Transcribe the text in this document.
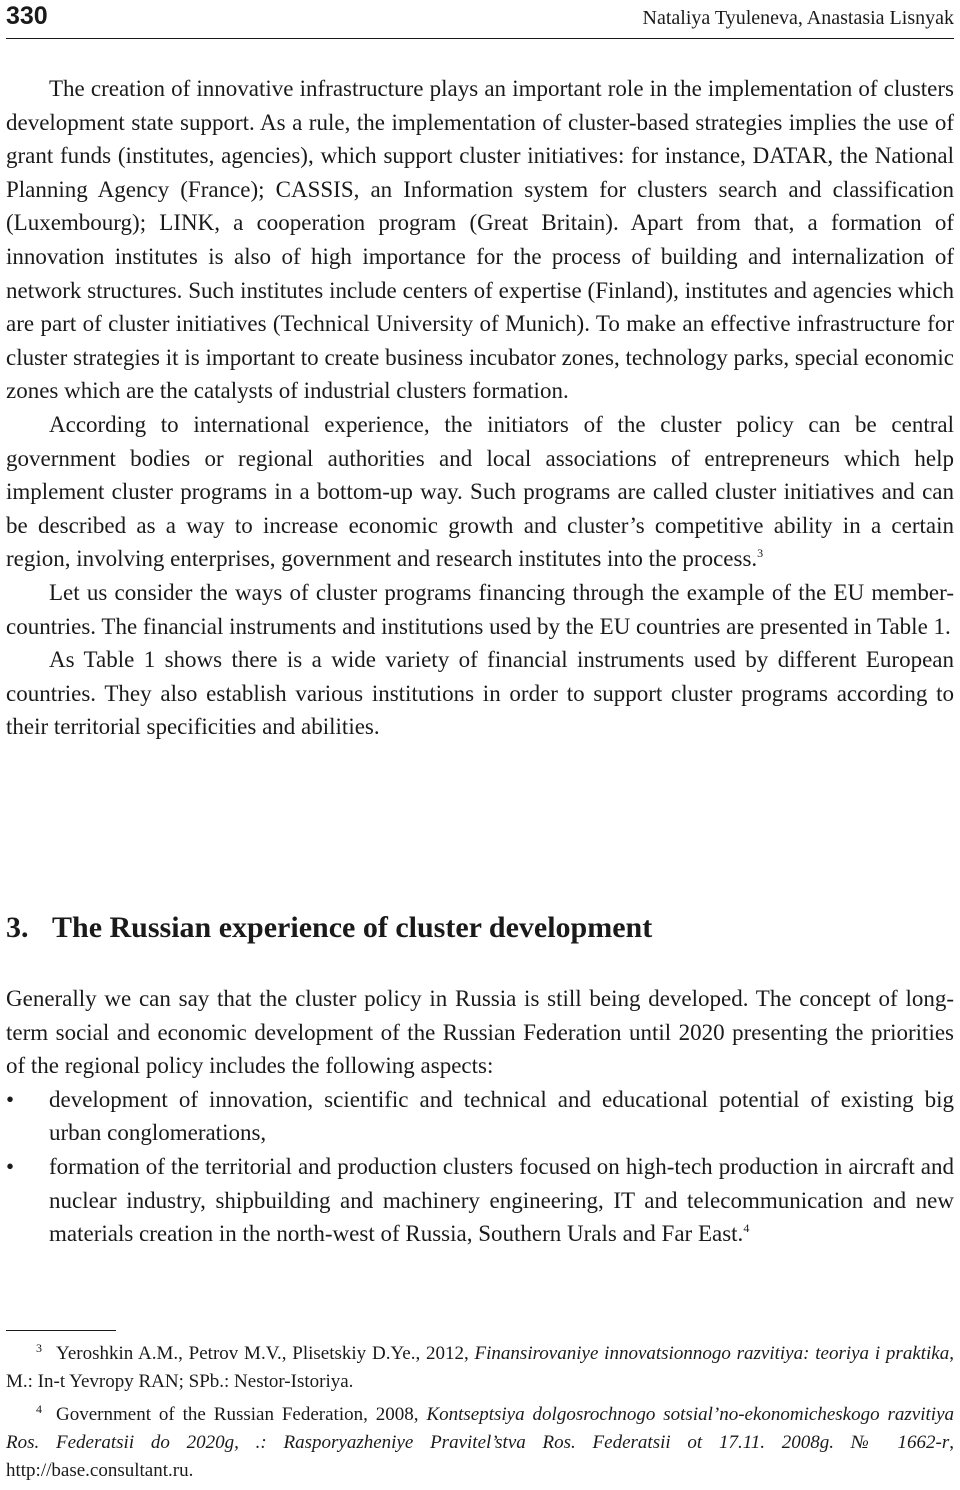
330	Nataliya Tyuleneva, Anastasia Lisnyak

The creation of innovative infrastructure plays an important role in the implementation of clusters development state support. As a rule, the implementation of cluster-based strategies implies the use of grant funds (institutes, agencies), which support cluster initiatives: for instance, DATAR, the National Planning Agency (France); CASSIS, an Information system for clusters search and classification (Luxembourg); LINK, a cooperation program (Great Britain). Apart from that, a formation of innovation institutes is also of high importance for the process of building and internalization of network structures. Such institutes include centers of expertise (Finland), institutes and agencies which are part of cluster initiatives (Technical University of Munich). To make an effective infrastructure for cluster strategies it is important to create business incubator zones, technology parks, special economic zones which are the catalysts of industrial clusters formation.

According to international experience, the initiators of the cluster policy can be central government bodies or regional authorities and local associations of entrepreneurs which help implement cluster programs in a bottom-up way. Such programs are called cluster initiatives and can be described as a way to increase economic growth and cluster’s competitive ability in a certain region, involving enterprises, government and research institutes into the process.$^3$

Let us consider the ways of cluster programs financing through the example of the EU member-countries. The financial instruments and institutions used by the EU countries are presented in Table 1.

As Table 1 shows there is a wide variety of financial instruments used by different European countries. They also establish various institutions in order to support cluster programs according to their territorial specificities and abilities.

3. The Russian experience of cluster development

Generally we can say that the cluster policy in Russia is still being developed. The concept of long-term social and economic development of the Russian Federation until 2020 presenting the priorities of the regional policy includes the following aspects:

• development of innovation, scientific and technical and educational potential of existing big urban conglomerations,
• formation of the territorial and production clusters focused on high-tech production in aircraft and nuclear industry, shipbuilding and machinery engineering, IT and telecommunication and new materials creation in the north-west of Russia, Southern Urals and Far East.$^4$

$^3$ Yeroshkin A.M., Petrov M.V., Plisetskiy D.Ye., 2012, Finansirovaniye innovatsionnogo razvitiya: teoriya i praktika, M.: In-t Yevropy RAN; SPb.: Nestor-Istoriya.

$^4$ Government of the Russian Federation, 2008, Kontseptsiya dolgosrochnogo sotsial’no-ekonomicheskogo razvitiya Ros. Federatsii do 2020g, .: Rasporyazheniye Pravitel’stva Ros. Federatsii ot 17.11. 2008g. № 1662-r, http://base.consultant.ru.
